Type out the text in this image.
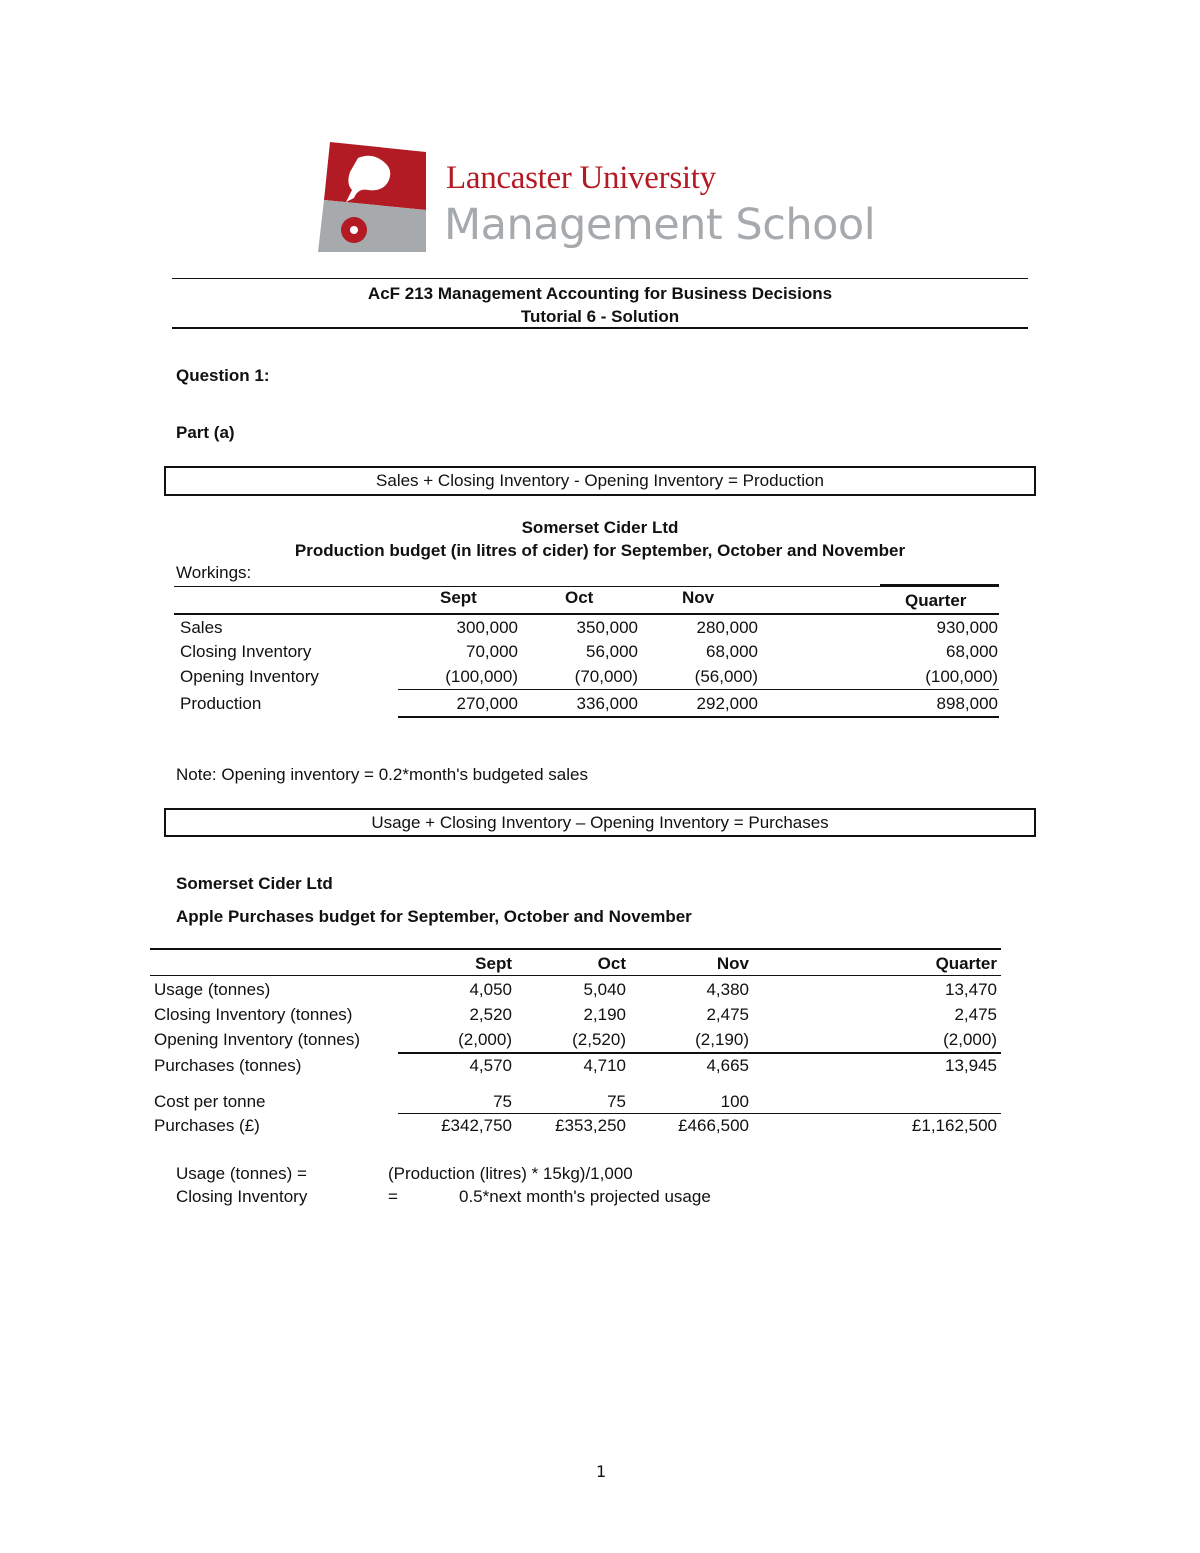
Lancaster University
Management School
AcF 213 Management Accounting for Business Decisions
Tutorial 6 - Solution
Question 1:
Part (a)
Sales + Closing Inventory - Opening Inventory = Production
Somerset Cider Ltd
Production budget (in litres of cider) for September, October and November
Workings:
Sept	Oct	Nov	Quarter
Sales	300,000	350,000	280,000	930,000
Closing Inventory	70,000	56,000	68,000	68,000
Opening Inventory	(100,000)	(70,000)	(56,000)	(100,000)
Production	270,000	336,000	292,000	898,000
Note: Opening inventory = 0.2*month's budgeted sales
Usage + Closing Inventory – Opening Inventory = Purchases
Somerset Cider Ltd
Apple Purchases budget for September, October and November
Sept	Oct	Nov	Quarter
Usage (tonnes)	4,050	5,040	4,380	13,470
Closing Inventory (tonnes)	2,520	2,190	2,475	2,475
Opening Inventory (tonnes)	(2,000)	(2,520)	(2,190)	(2,000)
Purchases (tonnes)	4,570	4,710	4,665	13,945
Cost per tonne	75	75	100
Purchases (£)	£342,750	£353,250	£466,500	£1,162,500
Usage (tonnes) =	(Production (litres) * 15kg)/1,000
Closing Inventory	=	0.5*next month's projected usage
1
